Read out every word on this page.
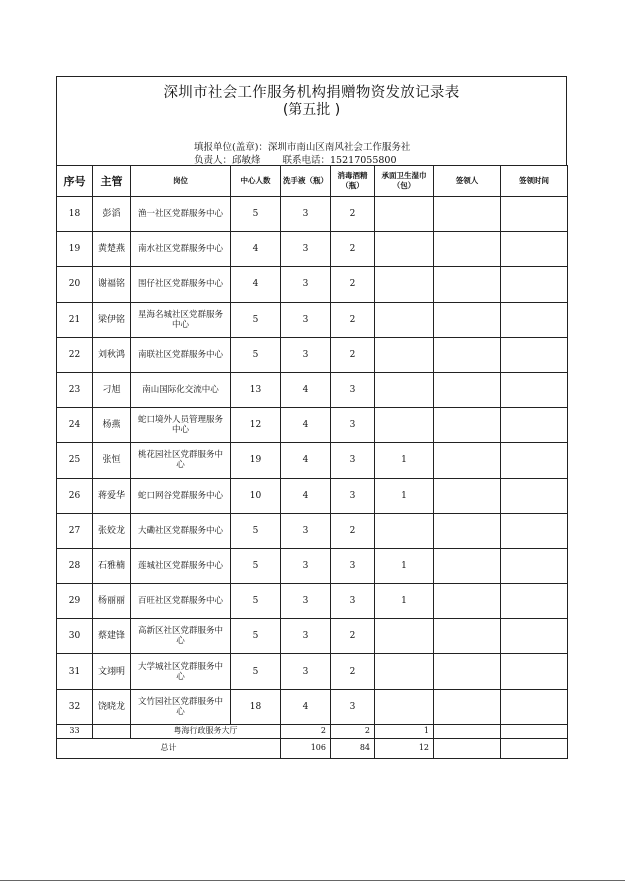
深圳市社会工作服务机构捐赠物资发放记录表
(第五批 )
填报单位(盖章)：深圳市南山区南风社会工作服务社
负责人：邱敏烽 联系电话：15217055800
序号	主管	岗位	中心人数	洗手液（瓶）	消毒酒精（瓶）	承面卫生湿巾（包）	签领人	签领时间
18	彭滔	渔一社区党群服务中心	5	3	2			
19	黄楚燕	南水社区党群服务中心	4	3	2			
20	谢福铭	围仔社区党群服务中心	4	3	2			
21	梁伊铭	星海名城社区党群服务中心	5	3	2			
22	刘秋鸿	南联社区党群服务中心	5	3	2			
23	刁旭	南山国际化交流中心	13	4	3			
24	杨燕	蛇口境外人员管理服务中心	12	4	3			
25	张恒	桃花园社区党群服务中心	19	4	3	1		
26	蒋爱华	蛇口网谷党群服务中心	10	4	3	1		
27	张姣龙	大磡社区党群服务中心	5	3	2			
28	石雅楠	莲城社区党群服务中心	5	3	3	1		
29	杨丽丽	百旺社区党群服务中心	5	3	3	1		
30	蔡建锋	高新区社区党群服务中心	5	3	2			
31	文翊明	大学城社区党群服务中心	5	3	2			
32	饶晓龙	文竹园社区党群服务中心	18	4	3			
33		粤海行政服务大厅		2	2	1		
总计				106	84	12		
